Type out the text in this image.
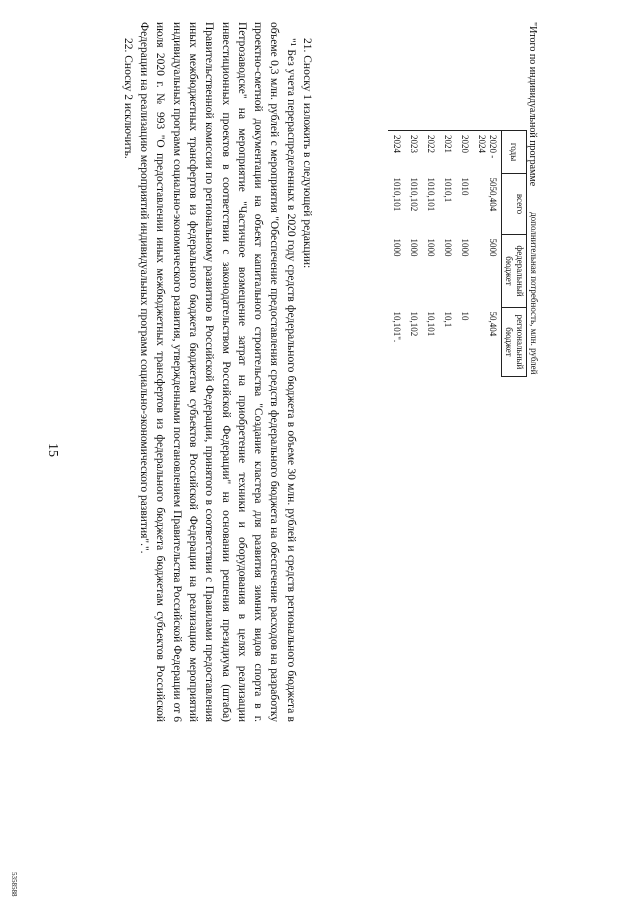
15
"Итого по индивидуальной программе
дополнительная потребность, млн. рублей			
годы	всего	федеральный бюджет	региональный бюджет
2020 - 2024	5050,404	5000	50,404
2020	1010	1000	10
2021	1010,1	1000	10,1
2022	1010,101	1000	10,101
2023	1010,102	1000	10,102
2024	1010,101	1000	10,101".

21. Сноску 1 изложить в следующей редакции:

"¹ Без учета перераспределенных в 2020 году средств федерального бюджета в объеме 30 млн. рублей и средств регионального бюджета в объеме 0,3 млн. рублей с мероприятия "Обеспечение предоставления средств федерального бюджета на обеспечение расходов на разработку проектно-сметной документации на объект капитального строительства "Создание кластера для развития зимних видов спорта в г. Петрозаводске" на мероприятие "Частичное возмещение затрат на приобретение техники и оборудования в целях реализации инвестиционных проектов в соответствии с законодательством Российской Федерации" на основании решения президиума (штаба) Правительственной комиссии по региональному развитию в Российской Федерации, принятого в соответствии с Правилами предоставления иных межбюджетных трансфертов из федерального бюджета бюджетам субъектов Российской Федерации на реализацию мероприятий индивидуальных программ социально-экономического развития, утвержденными постановлением Правительства Российской Федерации от 6 июля 2020 г. № 993 "О предоставлении иных межбюджетных трансфертов из федерального бюджета бюджетам субъектов Российской Федерации на реализацию мероприятий индивидуальных программ социально-экономического развития".".

22. Сноску 2 исключить.

5358588
